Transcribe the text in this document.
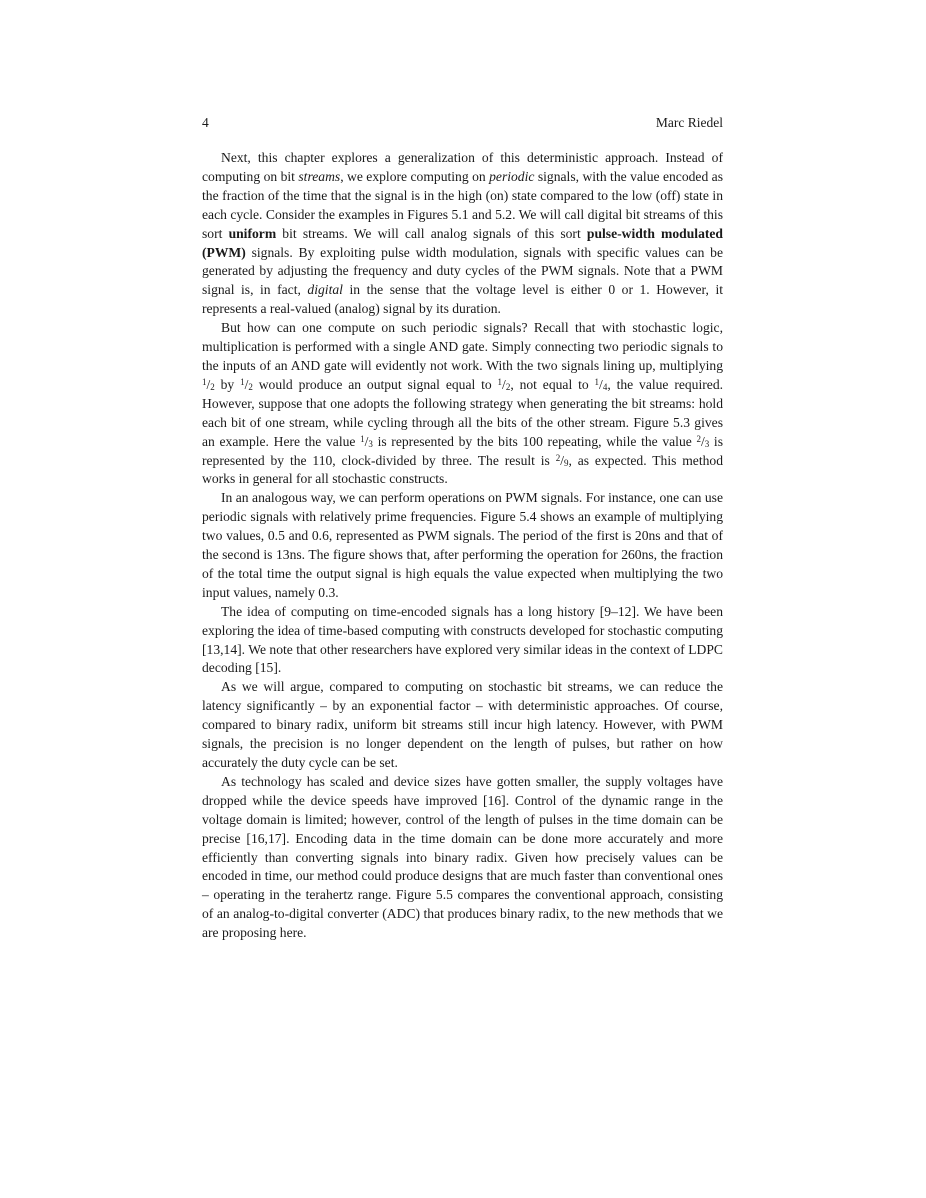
4	Marc Riedel

Next, this chapter explores a generalization of this deterministic approach. Instead of computing on bit streams, we explore computing on periodic signals, with the value encoded as the fraction of the time that the signal is in the high (on) state compared to the low (off) state in each cycle. Consider the examples in Figures 5.1 and 5.2. We will call digital bit streams of this sort uniform bit streams. We will call analog signals of this sort pulse-width modulated (PWM) signals. By exploiting pulse width modulation, signals with specific values can be generated by adjusting the frequency and duty cycles of the PWM signals. Note that a PWM signal is, in fact, digital in the sense that the voltage level is either 0 or 1. However, it represents a real-valued (analog) signal by its duration.

But how can one compute on such periodic signals? Recall that with stochastic logic, multiplication is performed with a single AND gate. Simply connecting two periodic signals to the inputs of an AND gate will evidently not work. With the two signals lining up, multiplying $^1/_2$ by $^1/_2$ would produce an output signal equal to $^1/_2$, not equal to $^1/_4$, the value required. However, suppose that one adopts the following strategy when generating the bit streams: hold each bit of one stream, while cycling through all the bits of the other stream. Figure 5.3 gives an example. Here the value $^1/_3$ is represented by the bits 100 repeating, while the value $^2/_3$ is represented by the 110, clock-divided by three. The result is $^2/_9$, as expected. This method works in general for all stochastic constructs.

In an analogous way, we can perform operations on PWM signals. For instance, one can use periodic signals with relatively prime frequencies. Figure 5.4 shows an example of multiplying two values, 0.5 and 0.6, represented as PWM signals. The period of the first is 20ns and that of the second is 13ns. The figure shows that, after performing the operation for 260ns, the fraction of the total time the output signal is high equals the value expected when multiplying the two input values, namely 0.3.

The idea of computing on time-encoded signals has a long history [9–12]. We have been exploring the idea of time-based computing with constructs developed for stochastic computing [13,14]. We note that other researchers have explored very similar ideas in the context of LDPC decoding [15].

As we will argue, compared to computing on stochastic bit streams, we can reduce the latency significantly – by an exponential factor – with deterministic approaches. Of course, compared to binary radix, uniform bit streams still incur high latency. However, with PWM signals, the precision is no longer dependent on the length of pulses, but rather on how accurately the duty cycle can be set.

As technology has scaled and device sizes have gotten smaller, the supply voltages have dropped while the device speeds have improved [16]. Control of the dynamic range in the voltage domain is limited; however, control of the length of pulses in the time domain can be precise [16,17]. Encoding data in the time domain can be done more accurately and more efficiently than converting signals into binary radix. Given how precisely values can be encoded in time, our method could produce designs that are much faster than conventional ones – operating in the terahertz range. Figure 5.5 compares the conventional approach, consisting of an analog-to-digital converter (ADC) that produces binary radix, to the new methods that we are proposing here.
